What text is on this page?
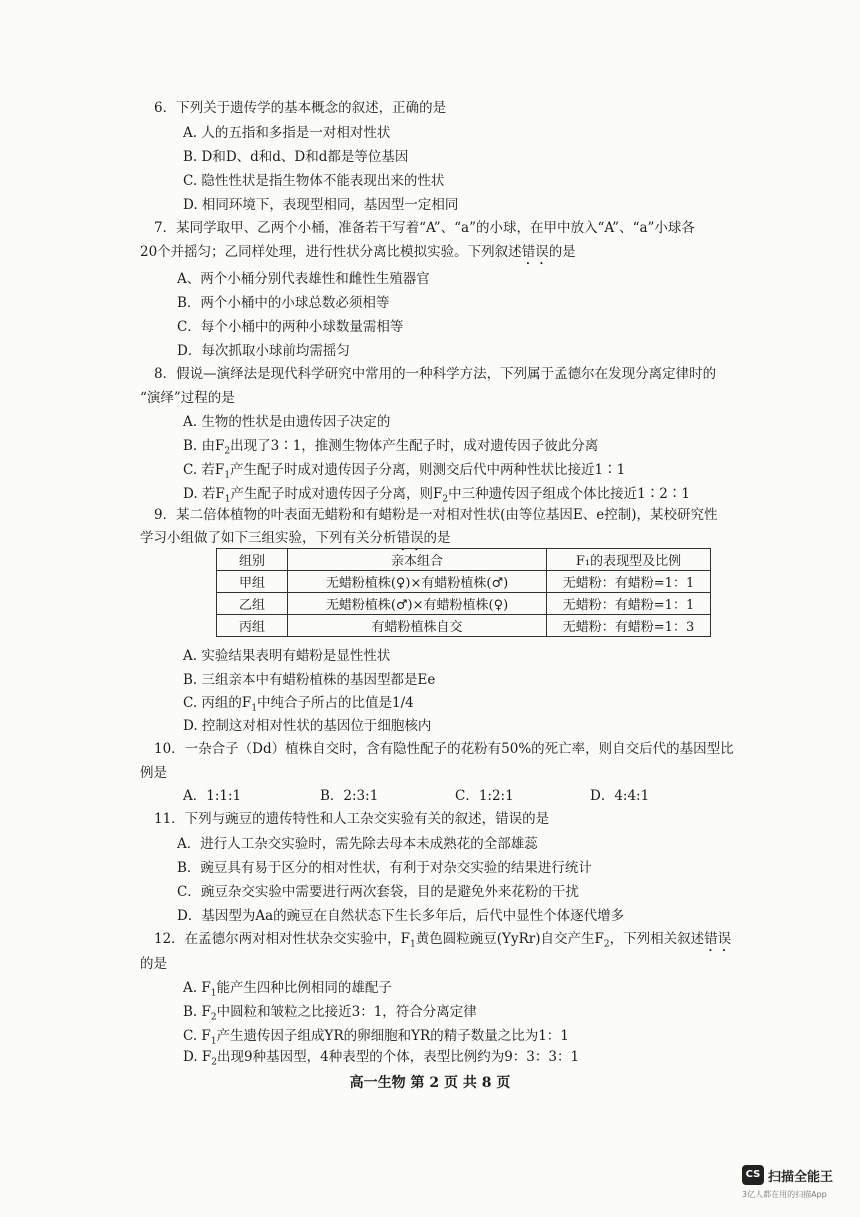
6．下列关于遗传学的基本概念的叙述，正确的是
A. 人的五指和多指是一对相对性状
B. D和D、d和d、D和d都是等位基因
C. 隐性性状是指生物体不能表现出来的性状
D. 相同环境下，表现型相同，基因型一定相同
7．某同学取甲、乙两个小桶，准备若干写着“A”、“a”的小球，在甲中放入“A”、“a”小球各
20个并摇匀；乙同样处理，进行性状分离比模拟实验。下列叙述错误的是
A、两个小桶分别代表雄性和雌性生殖器官
B．两个小桶中的小球总数必须相等
C．每个小桶中的两种小球数量需相等
D．每次抓取小球前均需摇匀
8．假说—演绎法是现代科学研究中常用的一种科学方法，下列属于孟德尔在发现分离定律时的
“演绎”过程的是
A. 生物的性状是由遗传因子决定的
B. 由$F_2$出现了3∶1，推测生物体产生配子时，成对遗传因子彼此分离
C. 若$F_1$产生配子时成对遗传因子分离，则测交后代中两种性状比接近1∶1
D. 若$F_1$产生配子时成对遗传因子分离，则$F_2$中三种遗传因子组成个体比接近1∶2∶1
9．某二倍体植物的叶表面无蜡粉和有蜡粉是一对相对性状(由等位基因E、e控制)，某校研究性
学习小组做了如下三组实验，下列有关分析错误的是
组别	亲本组合	F₁的表现型及比例
甲组	无蜡粉植株(♀)×有蜡粉植株(♂)	无蜡粉：有蜡粉=1：1
乙组	无蜡粉植株(♂)×有蜡粉植株(♀)	无蜡粉：有蜡粉=1：1
丙组	有蜡粉植株自交	无蜡粉：有蜡粉=1：3
A. 实验结果表明有蜡粉是显性性状
B. 三组亲本中有蜡粉植株的基因型都是Ee
C. 丙组的$F_1$中纯合子所占的比值是1/4
D. 控制这对相对性状的基因位于细胞核内
10．一杂合子（Dd）植株自交时，含有隐性配子的花粉有50%的死亡率，则自交后代的基因型比
例是
A．1:1:1	B．2:3:1	C．1:2:1	D．4:4:1
11．下列与豌豆的遗传特性和人工杂交实验有关的叙述，错误的是
A．进行人工杂交实验时，需先除去母本未成熟花的全部雄蕊
B．豌豆具有易于区分的相对性状，有利于对杂交实验的结果进行统计
C．豌豆杂交实验中需要进行两次套袋，目的是避免外来花粉的干扰
D．基因型为Aa的豌豆在自然状态下生长多年后，后代中显性个体逐代增多
12．在孟德尔两对相对性状杂交实验中，$F_1$黄色圆粒豌豆(YyRr)自交产生$F_2$，下列相关叙述错误
的是
A. $F_1$能产生四种比例相同的雄配子
B. $F_2$中圆粒和皱粒之比接近3：1，符合分离定律
C. $F_1$产生遗传因子组成YR的卵细胞和YR的精子数量之比为1：1
D. $F_2$出现9种基因型，4种表型的个体，表型比例约为9：3：3：1
高一生物 第 2 页 共 8 页
CS 扫描全能王
3亿人都在用的扫描App
